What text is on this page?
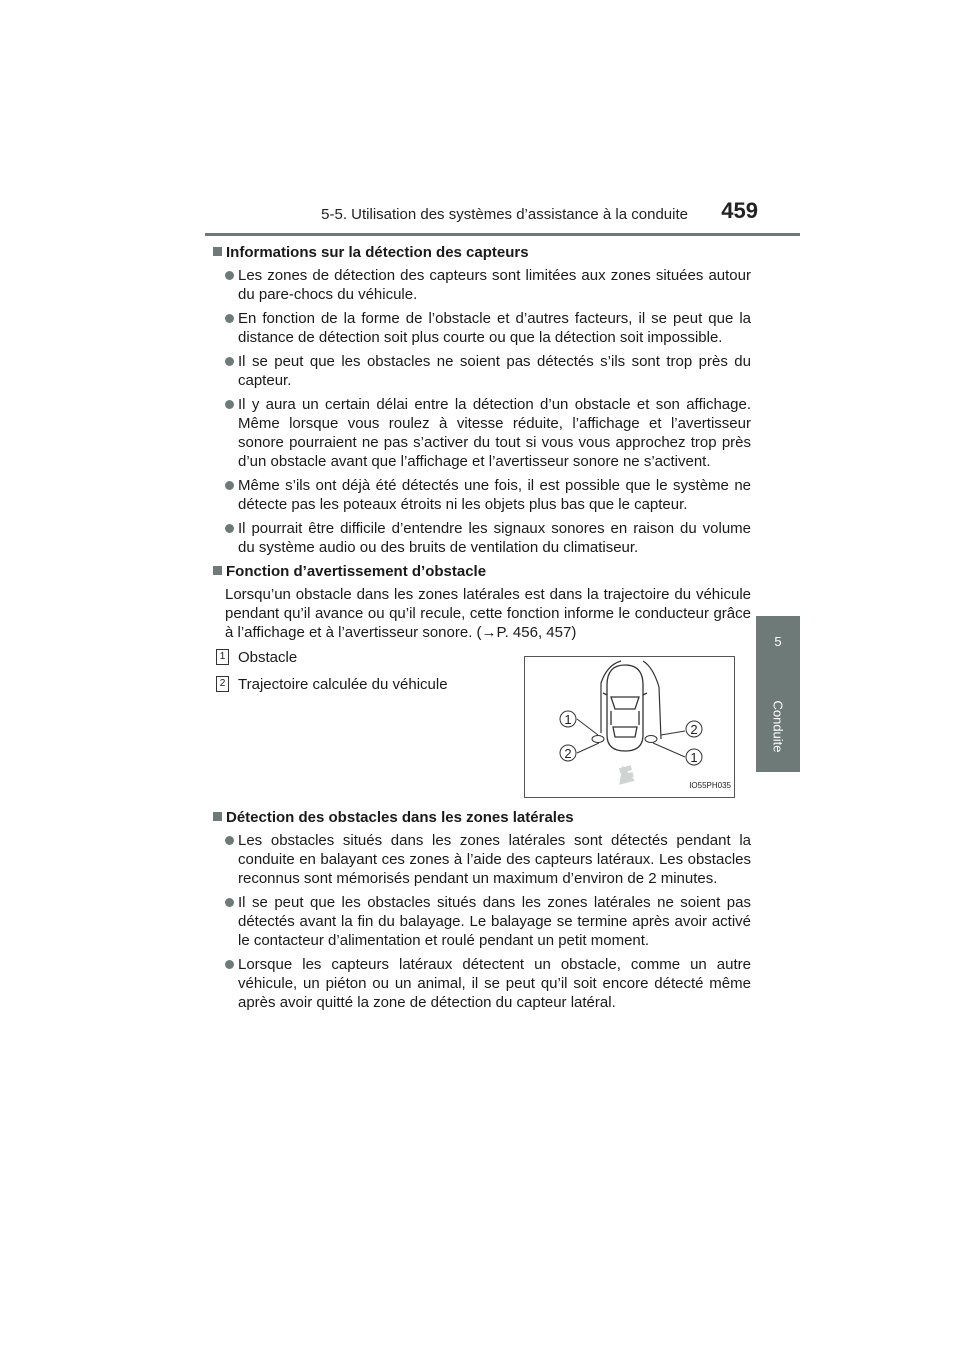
5-5. Utilisation des systèmes d’assistance à la conduite	459
5
Conduite
Informations sur la détection des capteurs
Les zones de détection des capteurs sont limitées aux zones situées autour du pare-chocs du véhicule.
En fonction de la forme de l’obstacle et d’autres facteurs, il se peut que la distance de détection soit plus courte ou que la détection soit impossible.
Il se peut que les obstacles ne soient pas détectés s’ils sont trop près du capteur.
Il y aura un certain délai entre la détection d’un obstacle et son affichage. Même lorsque vous roulez à vitesse réduite, l’affichage et l’avertisseur sonore pourraient ne pas s’activer du tout si vous vous approchez trop près d’un obstacle avant que l’affichage et l’avertisseur sonore ne s’activent.
Même s’ils ont déjà été détectés une fois, il est possible que le système ne détecte pas les poteaux étroits ni les objets plus bas que le capteur.
Il pourrait être difficile d’entendre les signaux sonores en raison du volume du système audio ou des bruits de ventilation du climatiseur.
Fonction d’avertissement d’obstacle
Lorsqu’un obstacle dans les zones latérales est dans la trajectoire du véhicule pendant qu’il avance ou qu’il recule, cette fonction informe le conducteur grâce à l’affichage et à l’avertisseur sonore. (→P. 456, 457)
1 Obstacle
2 Trajectoire calculée du véhicule
1
2
2
1
IO55PH035
Détection des obstacles dans les zones latérales
Les obstacles situés dans les zones latérales sont détectés pendant la conduite en balayant ces zones à l’aide des capteurs latéraux. Les obstacles reconnus sont mémorisés pendant un maximum d’environ de 2 minutes.
Il se peut que les obstacles situés dans les zones latérales ne soient pas détectés avant la fin du balayage. Le balayage se termine après avoir activé le contacteur d’alimentation et roulé pendant un petit moment.
Lorsque les capteurs latéraux détectent un obstacle, comme un autre véhicule, un piéton ou un animal, il se peut qu’il soit encore détecté même après avoir quitté la zone de détection du capteur latéral.
